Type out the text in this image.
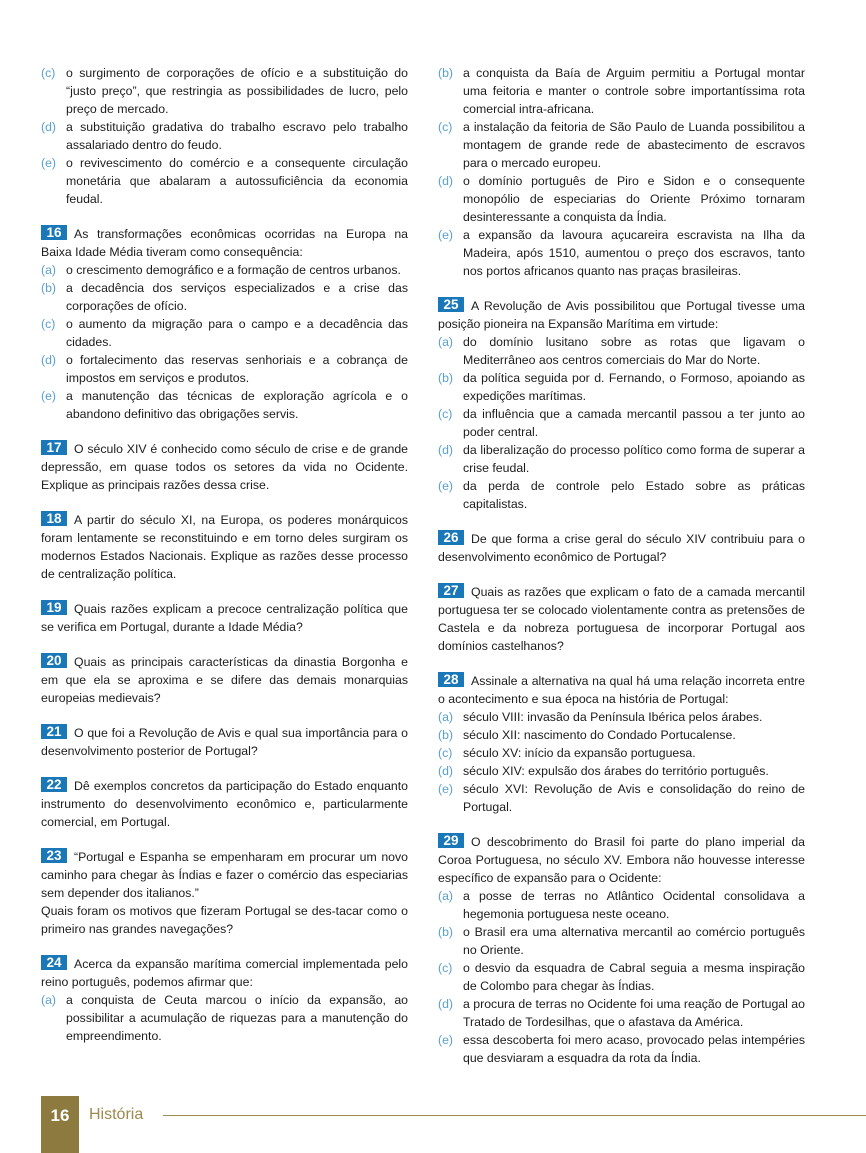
(c) o surgimento de corporações de ofício e a substituição do “justo preço”, que restringia as possibilidades de lucro, pelo preço de mercado.
(d) a substituição gradativa do trabalho escravo pelo trabalho assalariado dentro do feudo.
(e) o revivescimento do comércio e a consequente circulação monetária que abalaram a autossuficiência da economia feudal.

16 As transformações econômicas ocorridas na Europa na Baixa Idade Média tiveram como consequência:

(a) o crescimento demográfico e a formação de centros urbanos.
(b) a decadência dos serviços especializados e a crise das corporações de ofício.
(c) o aumento da migração para o campo e a decadência das cidades.
(d) o fortalecimento das reservas senhoriais e a cobrança de impostos em serviços e produtos.
(e) a manutenção das técnicas de exploração agrícola e o abandono definitivo das obrigações servis.

17 O século XIV é conhecido como século de crise e de grande depressão, em quase todos os setores da vida no Ocidente. Explique as principais razões dessa crise.

18 A partir do século XI, na Europa, os poderes monárquicos foram lentamente se reconstituindo e em torno deles surgiram os modernos Estados Nacionais. Explique as razões desse processo de centralização política.

19 Quais razões explicam a precoce centralização política que se verifica em Portugal, durante a Idade Média?

20 Quais as principais características da dinastia Borgonha e em que ela se aproxima e se difere das demais monarquias europeias medievais?

21 O que foi a Revolução de Avis e qual sua importância para o desenvolvimento posterior de Portugal?

22 Dê exemplos concretos da participação do Estado enquanto instrumento do desenvolvimento econômico e, particularmente comercial, em Portugal.

23 “Portugal e Espanha se empenharam em procurar um novo caminho para chegar às Índias e fazer o comércio das especiarias sem depender dos italianos.”

Quais foram os motivos que fizeram Portugal se des-tacar como o primeiro nas grandes navegações?

24 Acerca da expansão marítima comercial implementada pelo reino português, podemos afirmar que:

(a) a conquista de Ceuta marcou o início da expansão, ao possibilitar a acumulação de riquezas para a manutenção do empreendimento.
(b) a conquista da Baía de Arguim permitiu a Portugal montar uma feitoria e manter o controle sobre importantíssima rota comercial intra-africana.
(c) a instalação da feitoria de São Paulo de Luanda possibilitou a montagem de grande rede de abastecimento de escravos para o mercado europeu.
(d) o domínio português de Piro e Sidon e o consequente monopólio de especiarias do Oriente Próximo tornaram desinteressante a conquista da Índia.
(e) a expansão da lavoura açucareira escravista na Ilha da Madeira, após 1510, aumentou o preço dos escravos, tanto nos portos africanos quanto nas praças brasileiras.

25 A Revolução de Avis possibilitou que Portugal tivesse uma posição pioneira na Expansão Marítima em virtude:

(a) do domínio lusitano sobre as rotas que ligavam o Mediterrâneo aos centros comerciais do Mar do Norte.
(b) da política seguida por d. Fernando, o Formoso, apoiando as expedições marítimas.
(c) da influência que a camada mercantil passou a ter junto ao poder central.
(d) da liberalização do processo político como forma de superar a crise feudal.
(e) da perda de controle pelo Estado sobre as práticas capitalistas.

26 De que forma a crise geral do século XIV contribuiu para o desenvolvimento econômico de Portugal?

27 Quais as razões que explicam o fato de a camada mercantil portuguesa ter se colocado violentamente contra as pretensões de Castela e da nobreza portuguesa de incorporar Portugal aos domínios castelhanos?

28 Assinale a alternativa na qual há uma relação incorreta entre o acontecimento e sua época na história de Portugal:

(a) século VIII: invasão da Península Ibérica pelos árabes.
(b) século XII: nascimento do Condado Portucalense.
(c) século XV: início da expansão portuguesa.
(d) século XIV: expulsão dos árabes do território português.
(e) século XVI: Revolução de Avis e consolidação do reino de Portugal.

29 O descobrimento do Brasil foi parte do plano imperial da Coroa Portuguesa, no século XV. Embora não houvesse interesse específico de expansão para o Ocidente:

(a) a posse de terras no Atlântico Ocidental consolidava a hegemonia portuguesa neste oceano.
(b) o Brasil era uma alternativa mercantil ao comércio português no Oriente.
(c) o desvio da esquadra de Cabral seguia a mesma inspiração de Colombo para chegar às Índias.
(d) a procura de terras no Ocidente foi uma reação de Portugal ao Tratado de Tordesilhas, que o afastava da América.
(e) essa descoberta foi mero acaso, provocado pelas intempéries que desviaram a esquadra da rota da Índia.
16	História
